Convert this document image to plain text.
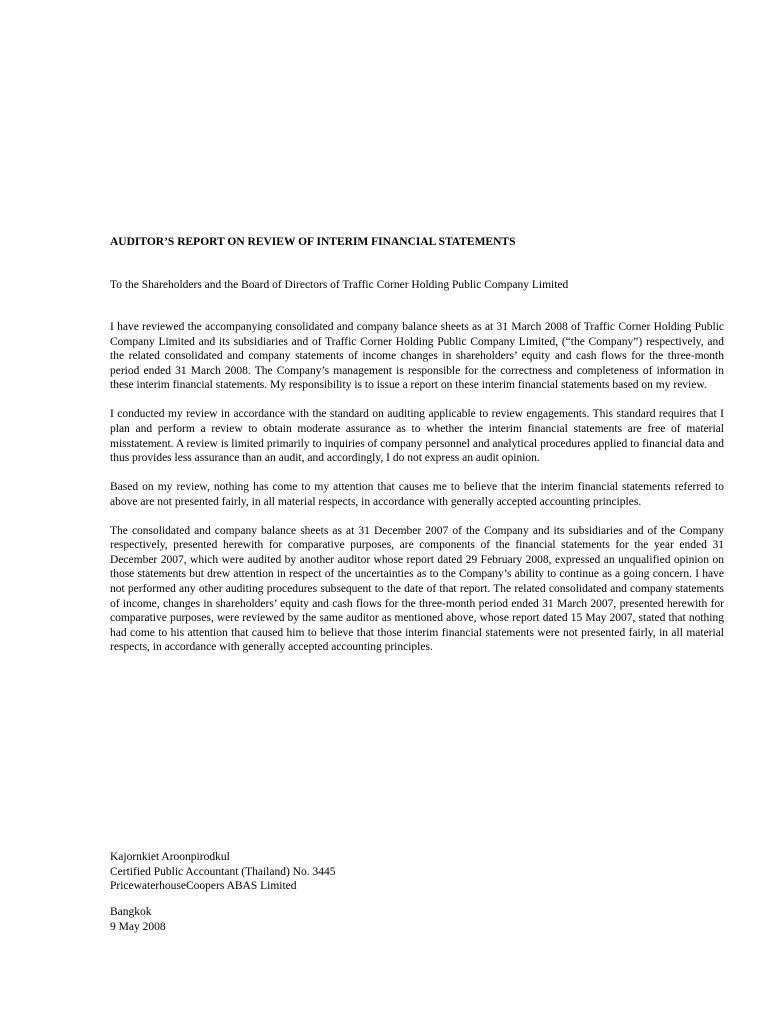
AUDITOR’S REPORT ON REVIEW OF INTERIM FINANCIAL STATEMENTS

To the Shareholders and the Board of Directors of Traffic Corner Holding Public Company Limited

I have reviewed the accompanying consolidated and company balance sheets as at 31 March 2008 of Traffic Corner Holding Public Company Limited and its subsidiaries and of Traffic Corner Holding Public Company Limited, (“the Company”) respectively, and the related consolidated and company statements of income changes in shareholders’ equity and cash flows for the three-month period ended 31 March 2008. The Company’s management is responsible for the correctness and completeness of information in these interim financial statements. My responsibility is to issue a report on these interim financial statements based on my review.

I conducted my review in accordance with the standard on auditing applicable to review engagements. This standard requires that I plan and perform a review to obtain moderate assurance as to whether the interim financial statements are free of material misstatement. A review is limited primarily to inquiries of company personnel and analytical procedures applied to financial data and thus provides less assurance than an audit, and accordingly, I do not express an audit opinion.

Based on my review, nothing has come to my attention that causes me to believe that the interim financial statements referred to above are not presented fairly, in all material respects, in accordance with generally accepted accounting principles.

The consolidated and company balance sheets as at 31 December 2007 of the Company and its subsidiaries and of the Company respectively, presented herewith for comparative purposes, are components of the financial statements for the year ended 31 December 2007, which were audited by another auditor whose report dated 29 February 2008, expressed an unqualified opinion on those statements but drew attention in respect of the uncertainties as to the Company’s ability to continue as a going concern. I have not performed any other auditing procedures subsequent to the date of that report. The related consolidated and company statements of income, changes in shareholders’ equity and cash flows for the three-month period ended 31 March 2007, presented herewith for comparative purposes, were reviewed by the same auditor as mentioned above, whose report dated 15 May 2007, stated that nothing had come to his attention that caused him to believe that those interim financial statements were not presented fairly, in all material respects, in accordance with generally accepted accounting principles.

Kajornkiet Aroonpirodkul
Certified Public Accountant (Thailand) No. 3445
PricewaterhouseCoopers ABAS Limited
Bangkok
9 May 2008
